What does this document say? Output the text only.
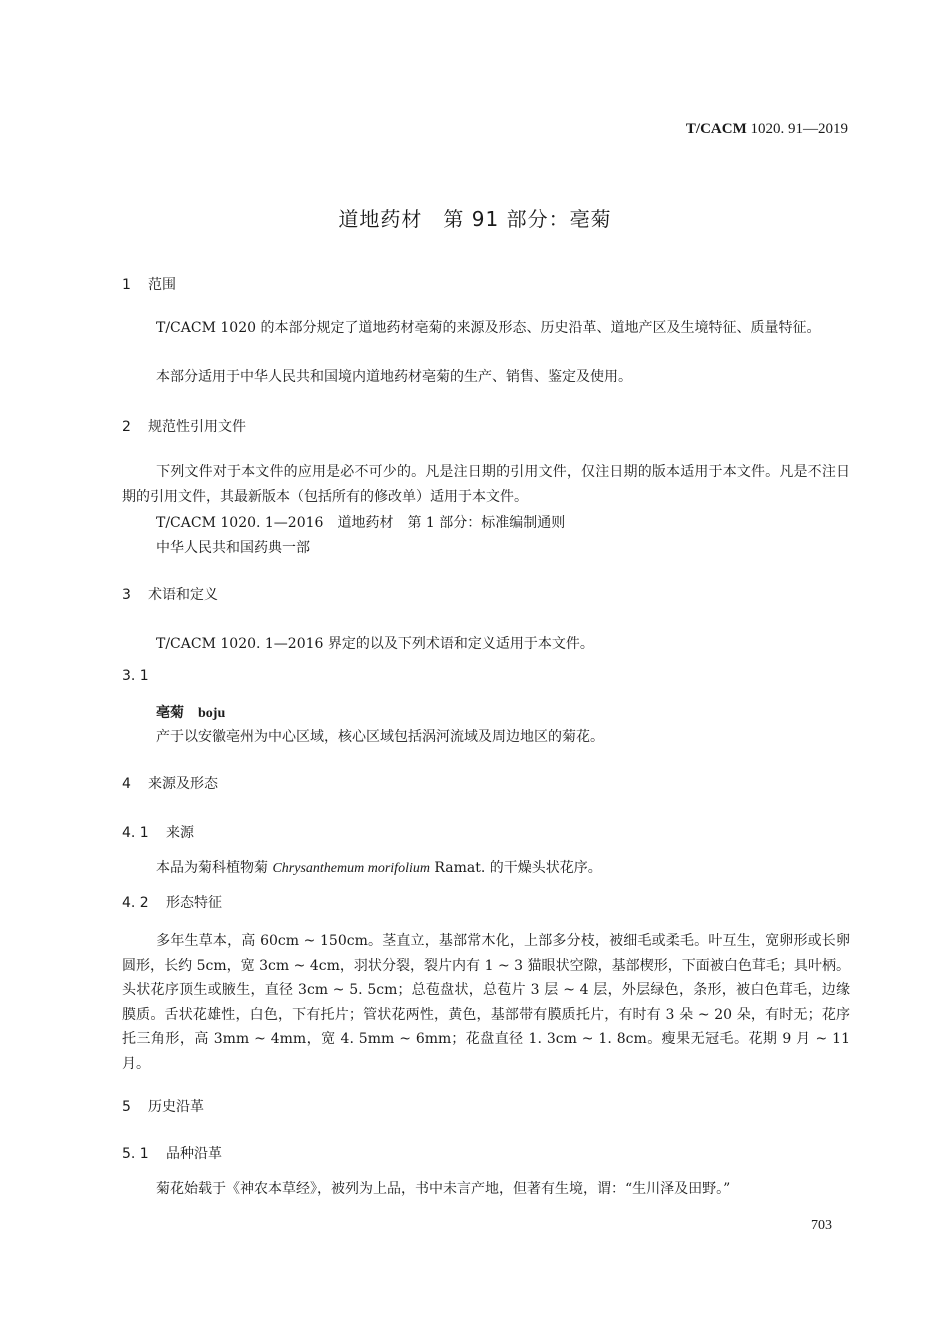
T/CACM 1020. 91—2019
道地药材　第 91 部分：亳菊
1 范围
T/CACM 1020 的本部分规定了道地药材亳菊的来源及形态、历史沿革、道地产区及生境特征、质量特征。
本部分适用于中华人民共和国境内道地药材亳菊的生产、销售、鉴定及使用。
2 规范性引用文件
下列文件对于本文件的应用是必不可少的。凡是注日期的引用文件，仅注日期的版本适用于本文件。凡是不注日期的引用文件，其最新版本（包括所有的修改单）适用于本文件。
T/CACM 1020. 1—2016　道地药材　第 1 部分：标准编制通则
中华人民共和国药典一部
3 术语和定义
T/CACM 1020. 1—2016 界定的以及下列术语和定义适用于本文件。
3. 1
亳菊 boju
产于以安徽亳州为中心区域，核心区域包括涡河流域及周边地区的菊花。
4 来源及形态
4. 1 来源
本品为菊科植物菊 Chrysanthemum morifolium Ramat. 的干燥头状花序。
4. 2 形态特征
多年生草本，高 60cm ~ 150cm。茎直立，基部常木化，上部多分枝，被细毛或柔毛。叶互生，宽卵形或长卵圆形，长约 5cm，宽 3cm ~ 4cm，羽状分裂，裂片内有 1 ~ 3 猫眼状空隙，基部楔形，下面被白色茸毛；具叶柄。头状花序顶生或腋生，直径 3cm ~ 5. 5cm；总苞盘状，总苞片 3 层 ~ 4 层，外层绿色，条形，被白色茸毛，边缘膜质。舌状花雄性，白色，下有托片；管状花两性，黄色，基部带有膜质托片，有时有 3 朵 ~ 20 朵，有时无；花序托三角形，高 3mm ~ 4mm，宽 4. 5mm ~ 6mm；花盘直径 1. 3cm ~ 1. 8cm。瘦果无冠毛。花期 9 月 ~ 11 月。
5 历史沿革
5. 1 品种沿革
菊花始载于《神农本草经》，被列为上品，书中未言产地，但著有生境，谓：“生川泽及田野。”
703
